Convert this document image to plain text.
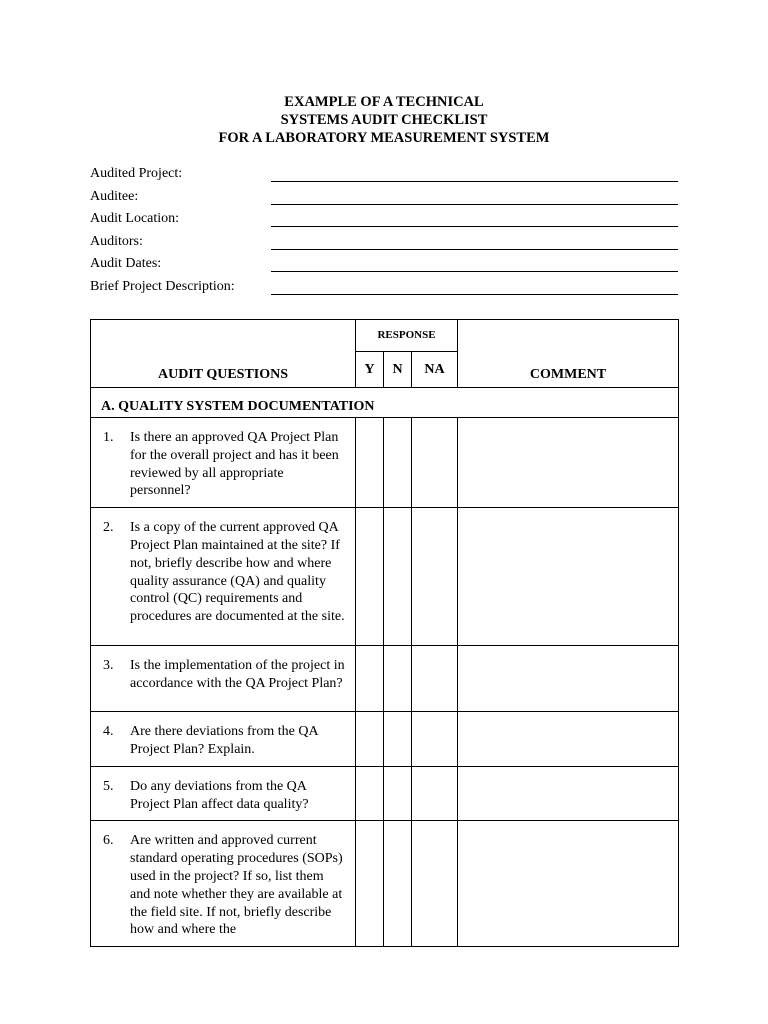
EXAMPLE OF A TECHNICAL
SYSTEMS AUDIT CHECKLIST
FOR A LABORATORY MEASUREMENT SYSTEM
Audited Project:
Auditee:
Audit Location:
Auditors:
Audit Dates:
Brief Project Description:
AUDIT QUESTIONS	RESPONSE			COMMENT
	Y	N	NA	
A. QUALITY SYSTEM DOCUMENTATION				

1. Is there an approved QA Project Plan for the overall project and has it been reviewed by all appropriate personnel?				

2. Is a copy of the current approved QA Project Plan maintained at the site? If not, briefly describe how and where quality assurance (QA) and quality control (QC) requirements and procedures are documented at the site.				

3. Is the implementation of the project in accordance with the QA Project Plan?				

4. Are there deviations from the QA Project Plan? Explain.				

5. Do any deviations from the QA Project Plan affect data quality?				

6. Are written and approved current standard operating procedures (SOPs) used in the project? If so, list them and note whether they are available at the field site. If not, briefly describe how and where the				
